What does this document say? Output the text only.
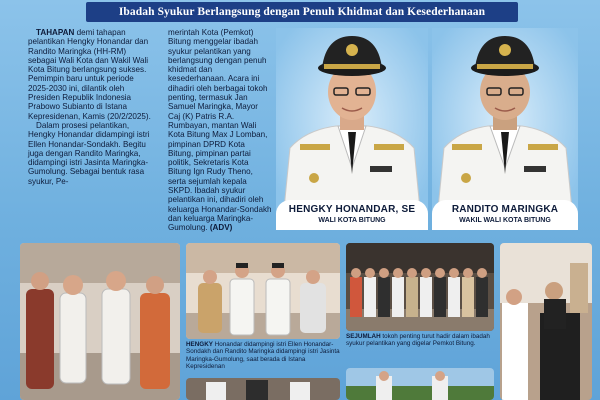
Ibadah Syukur Berlangsung dengan Penuh Khidmat dan Kesederhanaan

TAHAPAN demi tahapan pelantikan Hengky Honandar dan Randito Maringka (HH-RM) sebagai Wali Kota dan Wakil Wali Kota Bitung berlangsung sukses. Pemimpin baru untuk periode 2025-2030 ini, dilantik oleh Presiden Republik Indonesia Prabowo Subianto di Istana Kepresidenan, Kamis (20/2/2025).

Dalam prosesi pelantikan, Hengky Honandar didampingi istri Ellen Honandar-Sondakh. Begitu juga dengan Randito Maringka, didampingi istri Jasinta Maringka-Gumolung. Sebagai bentuk rasa syukur, Pe-

merintah Kota (Pemkot) Bitung menggelar ibadah syukur pelantikan yang berlangsung dengan penuh khidmat dan kesederhanaan. Acara ini dihadiri oleh berbagai tokoh penting, termasuk Jan Samuel Maringka, Mayor Caj (K) Patris R.A. Rumbayan, mantan Wali Kota Bitung Max J Lomban, pimpinan DPRD Kota Bitung, pimpinan partai politik, Sekretaris Kota Bitung Ign Rudy Theno, serta sejumlah kepala SKPD. Ibadah syukur pelantikan ini, dihadiri oleh keluarga Honandar-Sondakh dan keluarga Maringka-Gumolung. (ADV)

HENGKY HONANDAR, SE
WALI KOTA BITUNG
RANDITO MARINGKA
WAKIL WALI KOTA BITUNG
HENGKY Honandar didampingi istri Ellen Honandar-Sondakh dan Randito Maringka didampingi istri Jasinta Maringka-Gumolung, saat berada di Istana Kepresidenan
SEJUMLAH tokoh penting turut hadir dalam ibadah syukur pelantikan yang digelar Pemkot Bitung.
